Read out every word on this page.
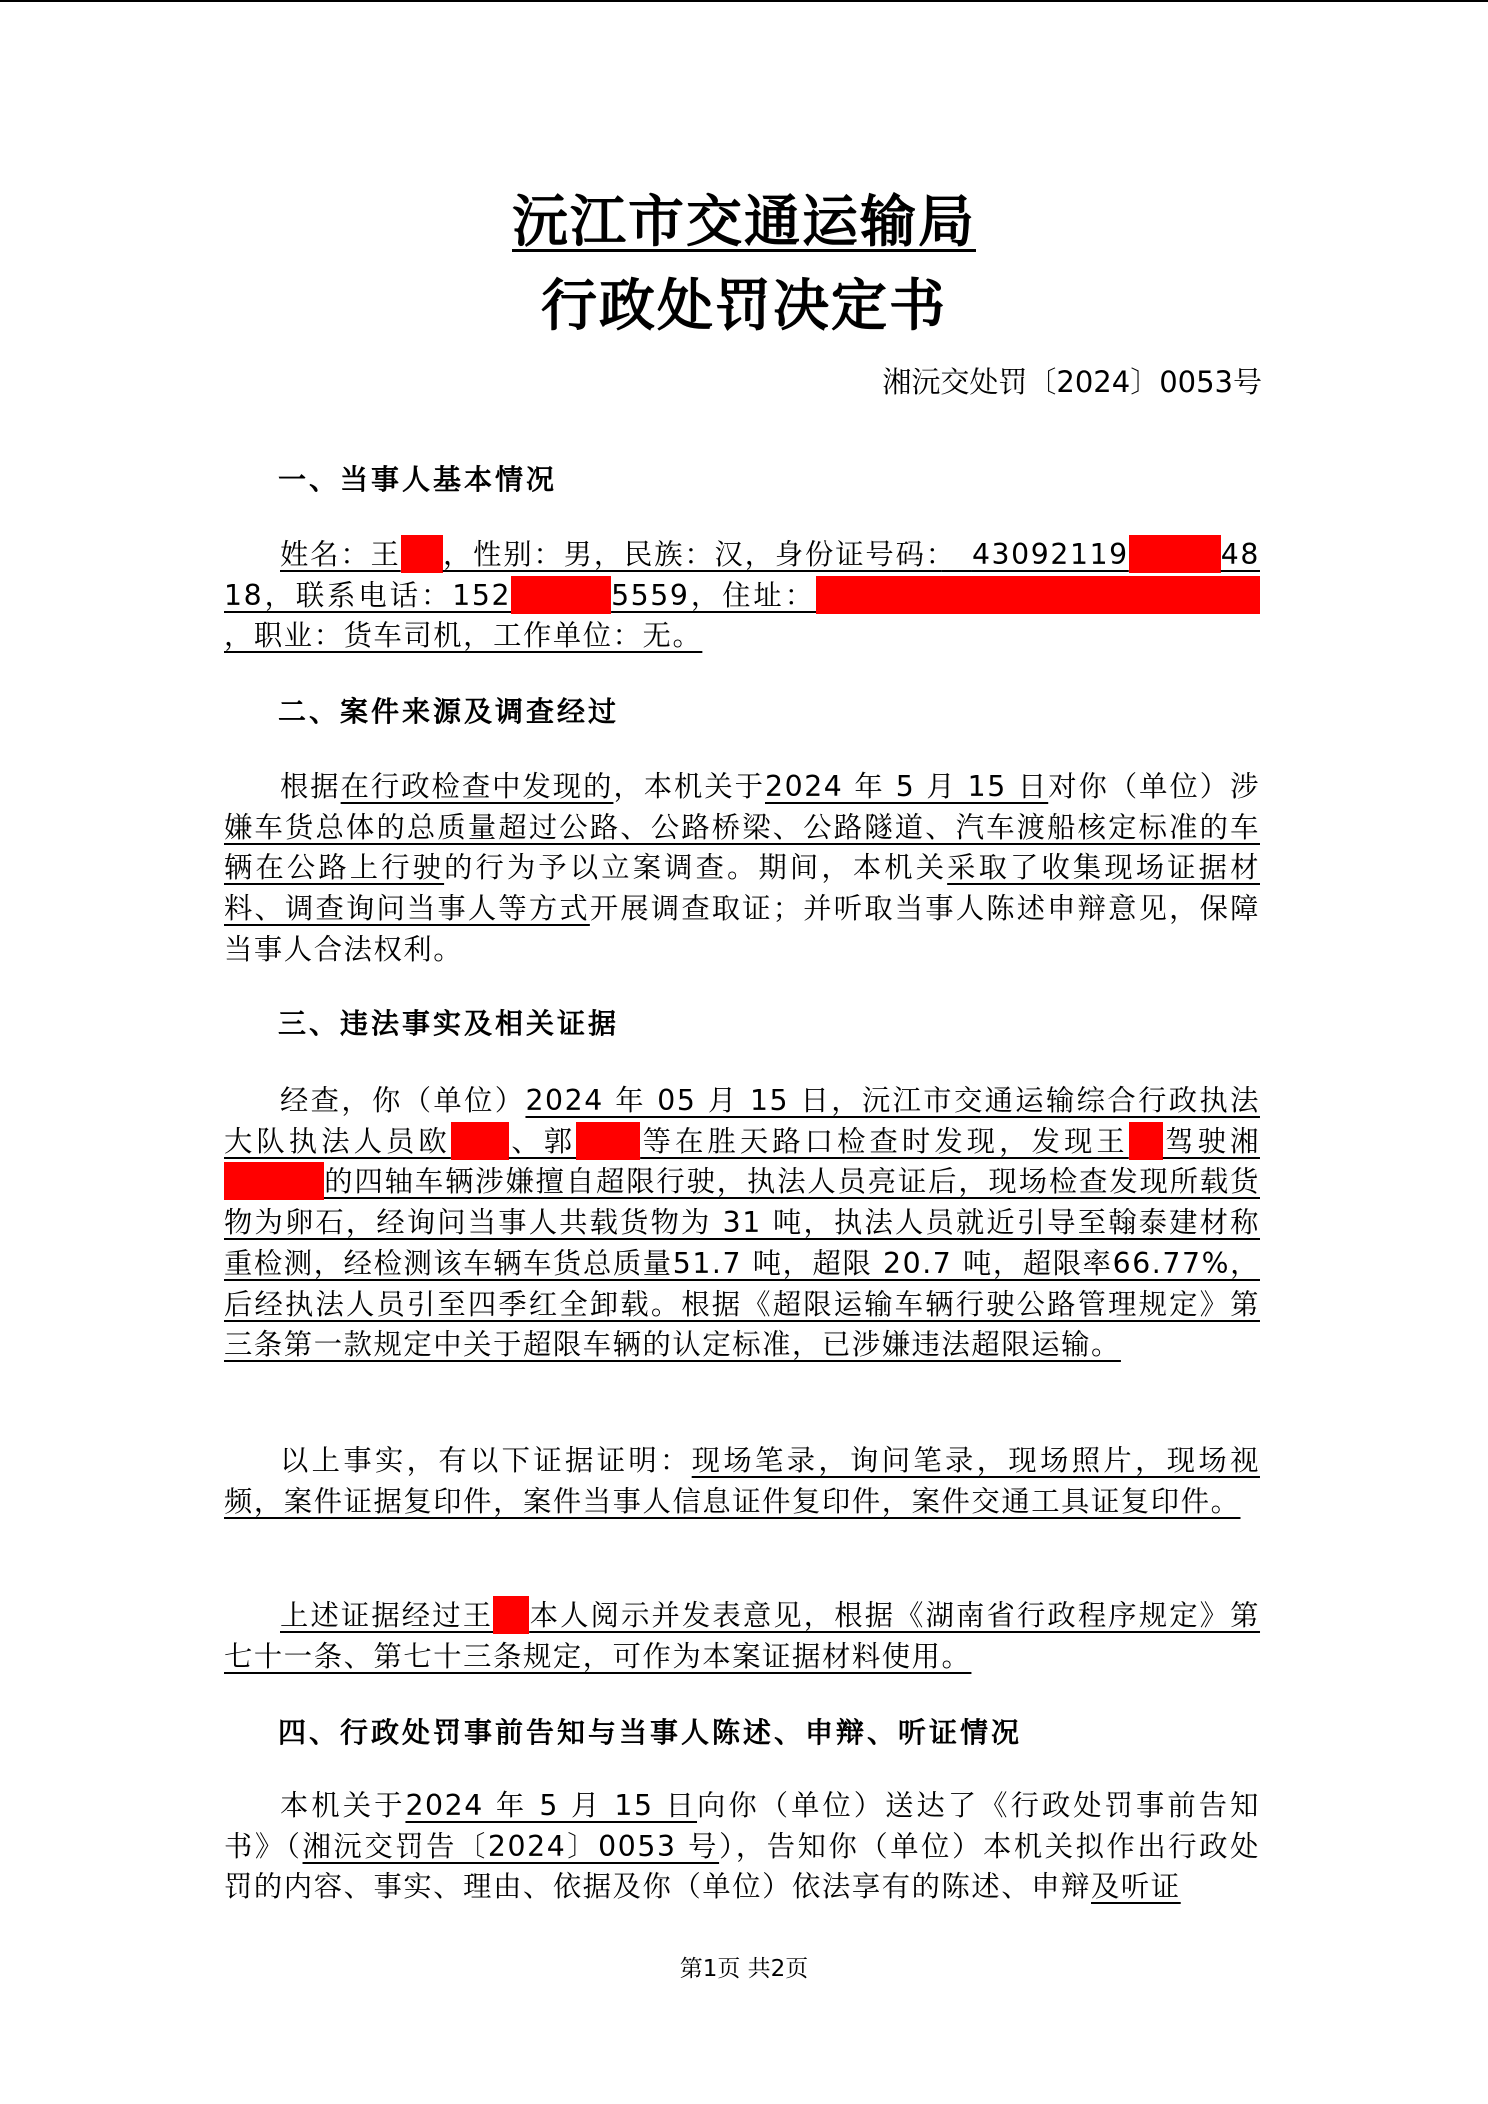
沅江市交通运输局
行政处罚决定书
湘沅交处罚〔2024〕0053号
一、当事人基本情况
姓名：王 ，性别：男，民族：汉，身份证号码：　 43092119	4818，联系电话：152	5559，住址：，职业：货车司机，工作单位：无。
二、案件来源及调查经过
根据在行政检查中发现的，本机关于2024 年 5 月 15 日对你（单位）涉嫌车货总体的总质量超过公路、公路桥梁、公路隧道、汽车渡船核定标准的车辆在公路上行驶的行为予以立案调查。期间，本机关采取了收集现场证据材料、调查询问当事人等方式开展调查取证；并听取当事人陈述申辩意见，保障当事人合法权利。
三、违法事实及相关证据
经查，你（单位）2024 年 05 月 15 日，沅江市交通运输综合行政执法大队执法人员欧 、郭 等在胜天路口检查时发现，发现王 驾驶湘的四轴车辆涉嫌擅自超限行驶，执法人员亮证后，现场检查发现所载货物为卵石，经询问当事人共载货物为 31 吨，执法人员就近引导至翰泰建材称重检测，经检测该车辆车货总质量51.7 吨，超限 20.7 吨，超限率66.77%，后经执法人员引至四季红全卸载。根据《超限运输车辆行驶公路管理规定》第三条第一款规定中关于超限车辆的认定标准，已涉嫌违法超限运输。
以上事实，有以下证据证明：现场笔录，询问笔录，现场照片，现场视频，案件证据复印件，案件当事人信息证件复印件，案件交通工具证复印件。
上述证据经过王 本人阅示并发表意见，根据《湖南省行政程序规定》第七十一条、第七十三条规定，可作为本案证据材料使用。
四、行政处罚事前告知与当事人陈述、申辩、听证情况
本机关于2024 年 5 月 15 日向你（单位）送达了《行政处罚事前告知书》（湘沅交罚告〔2024〕0053 号），告知你（单位）本机关拟作出行政处罚的内容、事实、理由、依据及你（单位）依法享有的陈述、申辩及听证
第1页 共2页
